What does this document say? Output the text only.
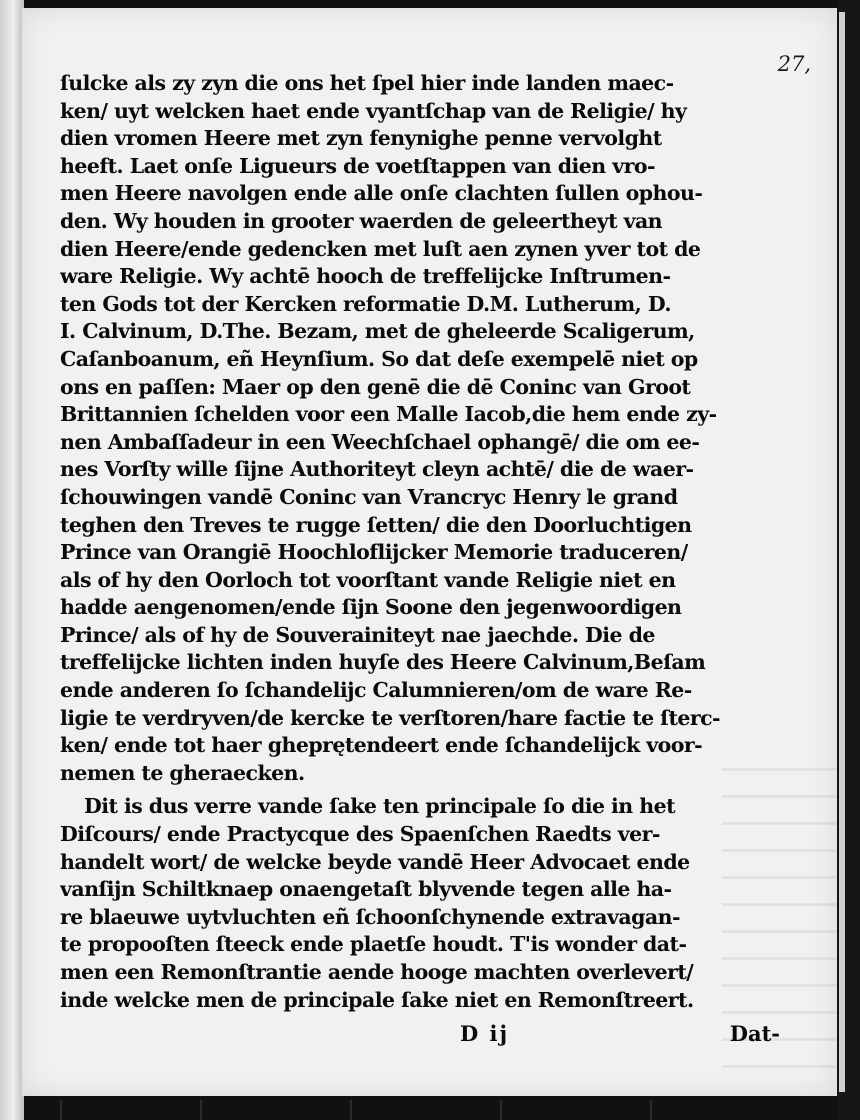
27,
ſulcke als zy zyn die ons het ſpel hier inde landen maec-
ken/ uyt welcken haet ende vyantſchap van de Religie/ hy
dien vromen Heere met zyn fenynighe penne vervolght
heeft. Laet onſe Ligueurs de voetſtappen van dien vro-
men Heere navolgen ende alle onſe clachten ſullen ophou-
den. Wy houden in grooter waerden de geleertheyt van
dien Heere/ende gedencken met luſt aen zynen yver tot de
ware Religie. Wy achtē hooch de treffelijcke Inſtrumen-
ten Gods tot der Kercken reformatie D.M. Lutherum, D.
I. Calvinum, D.The. Bezam, met de gheleerde Scaligerum,
Caſanboanum, eñ Heynſium. So dat deſe exempelē niet op
ons en paſſen: Maer op den genē die dē Coninc van Groot
Brittannien ſchelden voor een Malle Iacob,die hem ende zy-
nen Ambaſſadeur in een Weechſchael ophangē/ die om ee-
nes Vorſty wille ſijne Authoriteyt cleyn achtē/ die de waer-
ſchouwingen vandē Coninc van Vrancryc Henry le grand
teghen den Treves te rugge ſetten/ die den Doorluchtigen
Prince van Orangiē Hoochloflijcker Memorie traduceren/
als of hy den Oorloch tot voorſtant vande Religie niet en
hadde aengenomen/ende ſijn Soone den jegenwoordigen
Prince/ als of hy de Souverainiteyt nae jaechde. Die de
treffelijcke lichten inden huyſe des Heere Calvinum,Beſam
ende anderen ſo ſchandelijc Calumnieren/om de ware Re-
ligie te verdryven/de kercke te verſtoren/hare factie te ſterc-
ken/ ende tot haer gheprętendeert ende ſchandelijck voor-
nemen te gheraecken.
Dit is dus verre vande ſake ten principale ſo die in het
Diſcours/ ende Practycque des Spaenſchen Raedts ver-
handelt wort/ de welcke beyde vandē Heer Advocaet ende
vanſijn Schiltknaep onaengetaſt blyvende tegen alle ha-
re blaeuwe uytvluchten eñ ſchoonſchynende extravagan-
te propooſten ſteeck ende plaetſe houdt. T'is wonder dat-
men een Remonſtrantie aende hooge machten overlevert/
inde welcke men de principale ſake niet en Remonſtreert.
D ij	Dat-
